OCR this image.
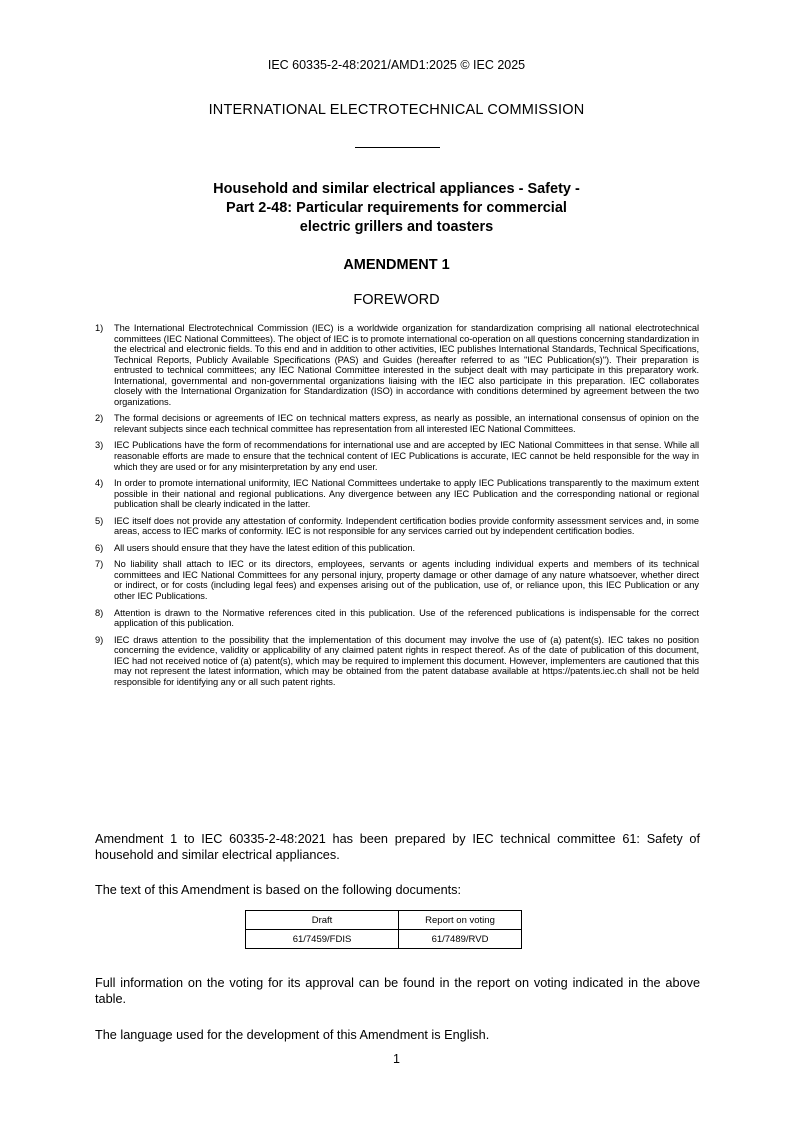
IEC 60335-2-48:2021/AMD1:2025 © IEC 2025
INTERNATIONAL ELECTROTECHNICAL COMMISSION
Household and similar electrical appliances - Safety -
Part 2-48: Particular requirements for commercial
electric grillers and toasters
AMENDMENT 1
FOREWORD
1) The International Electrotechnical Commission (IEC) is a worldwide organization for standardization comprising all national electrotechnical committees (IEC National Committees). The object of IEC is to promote international co-operation on all questions concerning standardization in the electrical and electronic fields. To this end and in addition to other activities, IEC publishes International Standards, Technical Specifications, Technical Reports, Publicly Available Specifications (PAS) and Guides (hereafter referred to as "IEC Publication(s)"). Their preparation is entrusted to technical committees; any IEC National Committee interested in the subject dealt with may participate in this preparatory work. International, governmental and non-governmental organizations liaising with the IEC also participate in this preparation. IEC collaborates closely with the International Organization for Standardization (ISO) in accordance with conditions determined by agreement between the two organizations.
2) The formal decisions or agreements of IEC on technical matters express, as nearly as possible, an international consensus of opinion on the relevant subjects since each technical committee has representation from all interested IEC National Committees.
3) IEC Publications have the form of recommendations for international use and are accepted by IEC National Committees in that sense. While all reasonable efforts are made to ensure that the technical content of IEC Publications is accurate, IEC cannot be held responsible for the way in which they are used or for any misinterpretation by any end user.
4) In order to promote international uniformity, IEC National Committees undertake to apply IEC Publications transparently to the maximum extent possible in their national and regional publications. Any divergence between any IEC Publication and the corresponding national or regional publication shall be clearly indicated in the latter.
5) IEC itself does not provide any attestation of conformity. Independent certification bodies provide conformity assessment services and, in some areas, access to IEC marks of conformity. IEC is not responsible for any services carried out by independent certification bodies.
6) All users should ensure that they have the latest edition of this publication.
7) No liability shall attach to IEC or its directors, employees, servants or agents including individual experts and members of its technical committees and IEC National Committees for any personal injury, property damage or other damage of any nature whatsoever, whether direct or indirect, or for costs (including legal fees) and expenses arising out of the publication, use of, or reliance upon, this IEC Publication or any other IEC Publications.
8) Attention is drawn to the Normative references cited in this publication. Use of the referenced publications is indispensable for the correct application of this publication.
9) IEC draws attention to the possibility that the implementation of this document may involve the use of (a) patent(s). IEC takes no position concerning the evidence, validity or applicability of any claimed patent rights in respect thereof. As of the date of publication of this document, IEC had not received notice of (a) patent(s), which may be required to implement this document. However, implementers are cautioned that this may not represent the latest information, which may be obtained from the patent database available at https://patents.iec.ch shall not be held responsible for identifying any or all such patent rights.

Amendment 1 to IEC 60335-2-48:2021 has been prepared by IEC technical committee 61: Safety of household and similar electrical appliances.

The text of this Amendment is based on the following documents:

Draft	Report on voting
61/7459/FDIS	61/7489/RVD

Full information on the voting for its approval can be found in the report on voting indicated in the above table.

The language used for the development of this Amendment is English.

1
